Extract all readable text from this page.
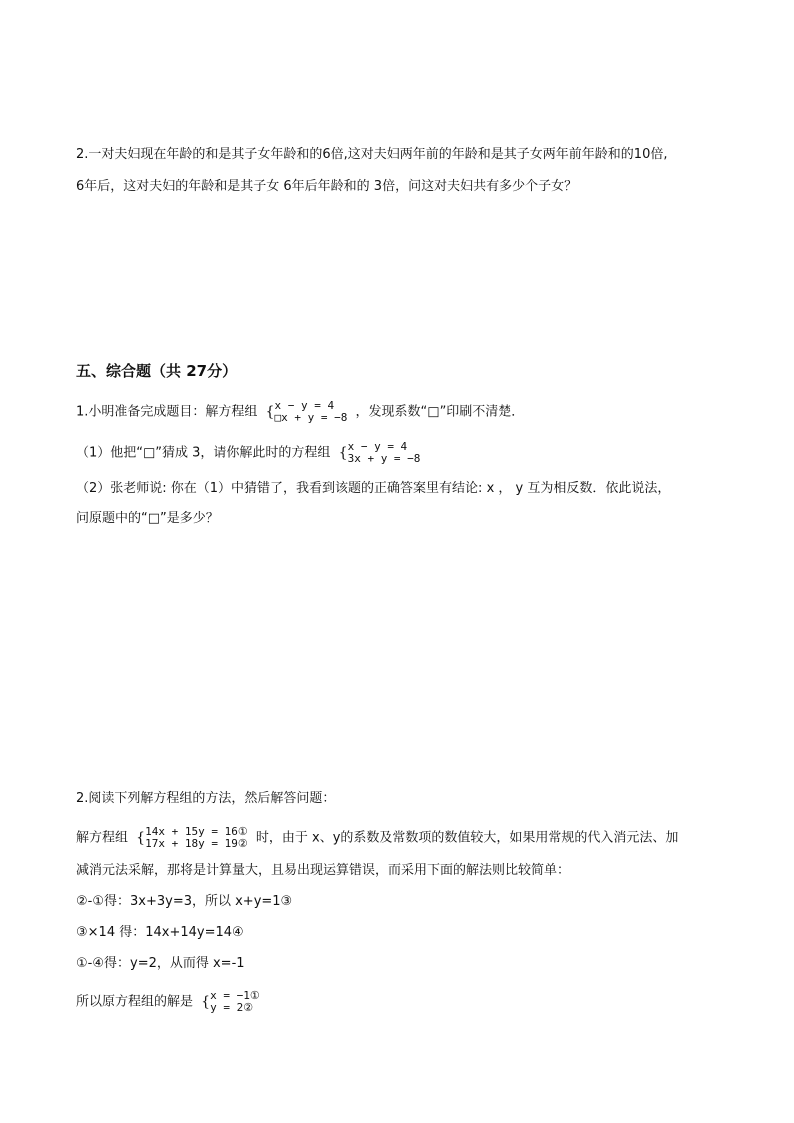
2.一对夫妇现在年龄的和是其子女年龄和的6倍,这对夫妇两年前的年龄和是其子女两年前年龄和的10倍,
6年后，这对夫妇的年龄和是其子女 6年后年龄和的 3倍，问这对夫妇共有多少个子女？
五、综合题（共 27分）
1.小明准备完成题目：解方程组 { x − y = 4
□x + y = −8 ，发现系数“□”印刷不清楚．
（1）他把“□”猜成 3，请你解此时的方程组 { x − y = 4
3x + y = −8
（2）张老师说: 你在（1）中猜错了，我看到该题的正确答案里有结论: x ， y 互为相反数．依此说法，
问原题中的“□”是多少？
2.阅读下列解方程组的方法，然后解答问题：
解方程组 { 14x + 15y = 16①
17x + 18y = 19② 时，由于 x、y的系数及常数项的数值较大，如果用常规的代入消元法、加
减消元法采解，那将是计算量大，且易出现运算错误，而采用下面的解法则比较简单：
②-①得：3x+3y=3，所以 x+y=1③
③×14 得：14x+14y=14④
①-④得：y=2，从而得 x=-1
所以原方程组的解是 { x = −1①
y = 2②
